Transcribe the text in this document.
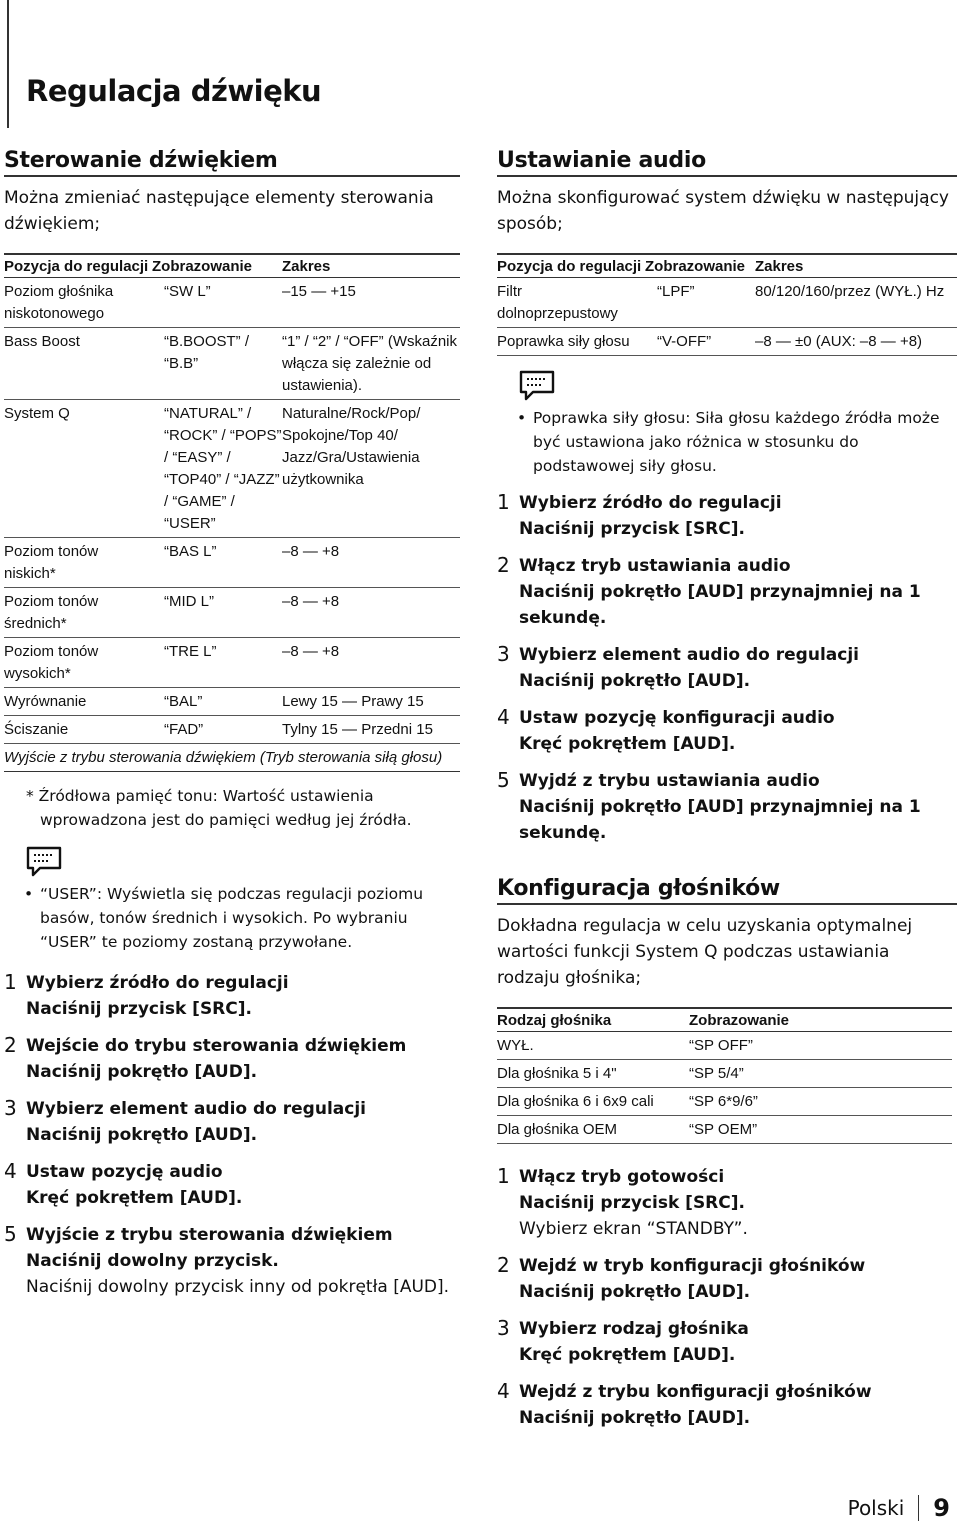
Regulacja dźwięku
Sterowanie dźwiękiem

Można zmieniać następujące elementy sterowania dźwiękiem;

Pozycja do regulacji	Zobrazowanie	Zakres
Poziom głośnika niskotonowego	“SW L”	–15 — +15
Bass Boost	“B.BOOST” / “B.B”	“1” / “2” / “OFF” (Wskaźnik włącza się zależnie od ustawienia).
System Q	“NATURAL” / “ROCK” / “POPS” / “EASY” / “TOP40” / “JAZZ” / “GAME” / “USER”	Naturalne/Rock/Pop/ Spokojne/Top 40/ Jazz/Gra/Ustawienia użytkownika
Poziom tonów niskich*	“BAS L”	–8 — +8
Poziom tonów średnich*	“MID L”	–8 — +8
Poziom tonów wysokich*	“TRE L”	–8 — +8
Wyrównanie	“BAL”	Lewy 15 — Prawy 15
Ściszanie	“FAD”	Tylny 15 — Przedni 15
Wyjście z trybu sterowania dźwiękiem (Tryb sterowania siłą głosu)		

* Źródłowa pamięć tonu: Wartość ustawienia wprowadzona jest do pamięci według jej źródła.

• “USER”: Wyświetla się podczas regulacji poziomu basów, tonów średnich i wysokich. Po wybraniu “USER” te poziomy zostaną przywołane.
1 Wybierz źródło do regulacji
Naciśnij przycisk [SRC].
2 Wejście do trybu sterowania dźwiękiem
Naciśnij pokrętło [AUD].
3 Wybierz element audio do regulacji
Naciśnij pokrętło [AUD].
4 Ustaw pozycję audio
Kręć pokrętłem [AUD].
5 Wyjście z trybu sterowania dźwiękiem
Naciśnij dowolny przycisk.
Naciśnij dowolny przycisk inny od pokrętła [AUD].
Ustawianie audio

Można skonfigurować system dźwięku w następujący sposób;

Pozycja do regulacji	Zobrazowanie	Zakres
Filtr dolnoprzepustowy	“LPF”	80/120/160/przez (WYŁ.) Hz
Poprawka siły głosu	“V-OFF”	–8 — ±0 (AUX: –8 — +8)
• Poprawka siły głosu: Siła głosu każdego źródła może być ustawiona jako różnica w stosunku do podstawowej siły głosu.
1 Wybierz źródło do regulacji
Naciśnij przycisk [SRC].
2 Włącz tryb ustawiania audio
Naciśnij pokrętło [AUD] przynajmniej na 1 sekundę.
3 Wybierz element audio do regulacji
Naciśnij pokrętło [AUD].
4 Ustaw pozycję konfiguracji audio
Kręć pokrętłem [AUD].
5 Wyjdź z trybu ustawiania audio
Naciśnij pokrętło [AUD] przynajmniej na 1 sekundę.
Konfiguracja głośników

Dokładna regulacja w celu uzyskania optymalnej wartości funkcji System Q podczas ustawiania rodzaju głośnika;

Rodzaj głośnika	Zobrazowanie
WYŁ.	“SP OFF”
Dla głośnika 5 i 4"	“SP 5/4”
Dla głośnika 6 i 6x9 cali	“SP 6*9/6”
Dla głośnika OEM	“SP OEM”
1 Włącz tryb gotowości
Naciśnij przycisk [SRC].
Wybierz ekran “STANDBY”.
2 Wejdź w tryb konfiguracji głośników
Naciśnij pokrętło [AUD].
3 Wybierz rodzaj głośnika
Kręć pokrętłem [AUD].
4 Wejdź z trybu konfiguracji głośników
Naciśnij pokrętło [AUD].
Polski 9
